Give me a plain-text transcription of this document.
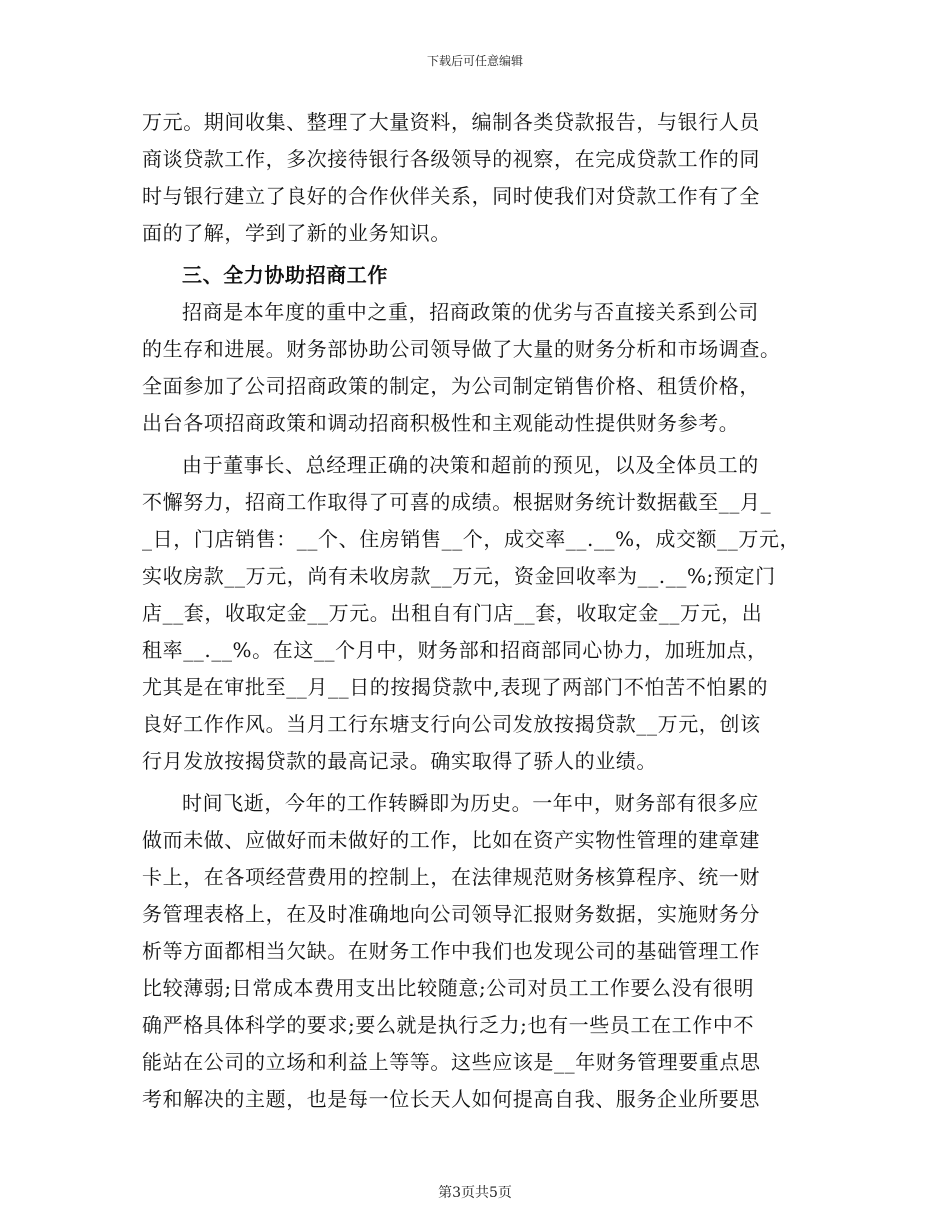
下载后可任意编辑
万元。期间收集、整理了大量资料，编制各类贷款报告，与银行人员
商谈贷款工作，多次接待银行各级领导的视察，在完成贷款工作的同
时与银行建立了良好的合作伙伴关系，同时使我们对贷款工作有了全
面的了解，学到了新的业务知识。
三、全力协助招商工作
招商是本年度的重中之重，招商政策的优劣与否直接关系到公司
的生存和进展。财务部协助公司领导做了大量的财务分析和市场调查。
全面参加了公司招商政策的制定，为公司制定销售价格、租赁价格，
出台各项招商政策和调动招商积极性和主观能动性提供财务参考。
由于董事长、总经理正确的决策和超前的预见，以及全体员工的
不懈努力，招商工作取得了可喜的成绩。根据财务统计数据截至__月_
_日，门店销售：__个、住房销售__个，成交率__.__%，成交额__万元，
实收房款__万元，尚有未收房款__万元，资金回收率为__.__%;预定门
店__套，收取定金__万元。出租自有门店__套，收取定金__万元，出
租率__.__%。在这__个月中，财务部和招商部同心协力，加班加点，
尤其是在审批至__月__日的按揭贷款中,表现了两部门不怕苦不怕累的
良好工作作风。当月工行东塘支行向公司发放按揭贷款__万元，创该
行月发放按揭贷款的最高记录。确实取得了骄人的业绩。
时间飞逝，今年的工作转瞬即为历史。一年中，财务部有很多应
做而未做、应做好而未做好的工作，比如在资产实物性管理的建章建
卡上，在各项经营费用的控制上，在法律规范财务核算程序、统一财
务管理表格上，在及时准确地向公司领导汇报财务数据，实施财务分
析等方面都相当欠缺。在财务工作中我们也发现公司的基础管理工作
比较薄弱;日常成本费用支出比较随意;公司对员工工作要么没有很明
确严格具体科学的要求;要么就是执行乏力;也有一些员工在工作中不
能站在公司的立场和利益上等等。这些应该是__年财务管理要重点思
考和解决的主题，也是每一位长天人如何提高自我、服务企业所要思
第3页共5页
